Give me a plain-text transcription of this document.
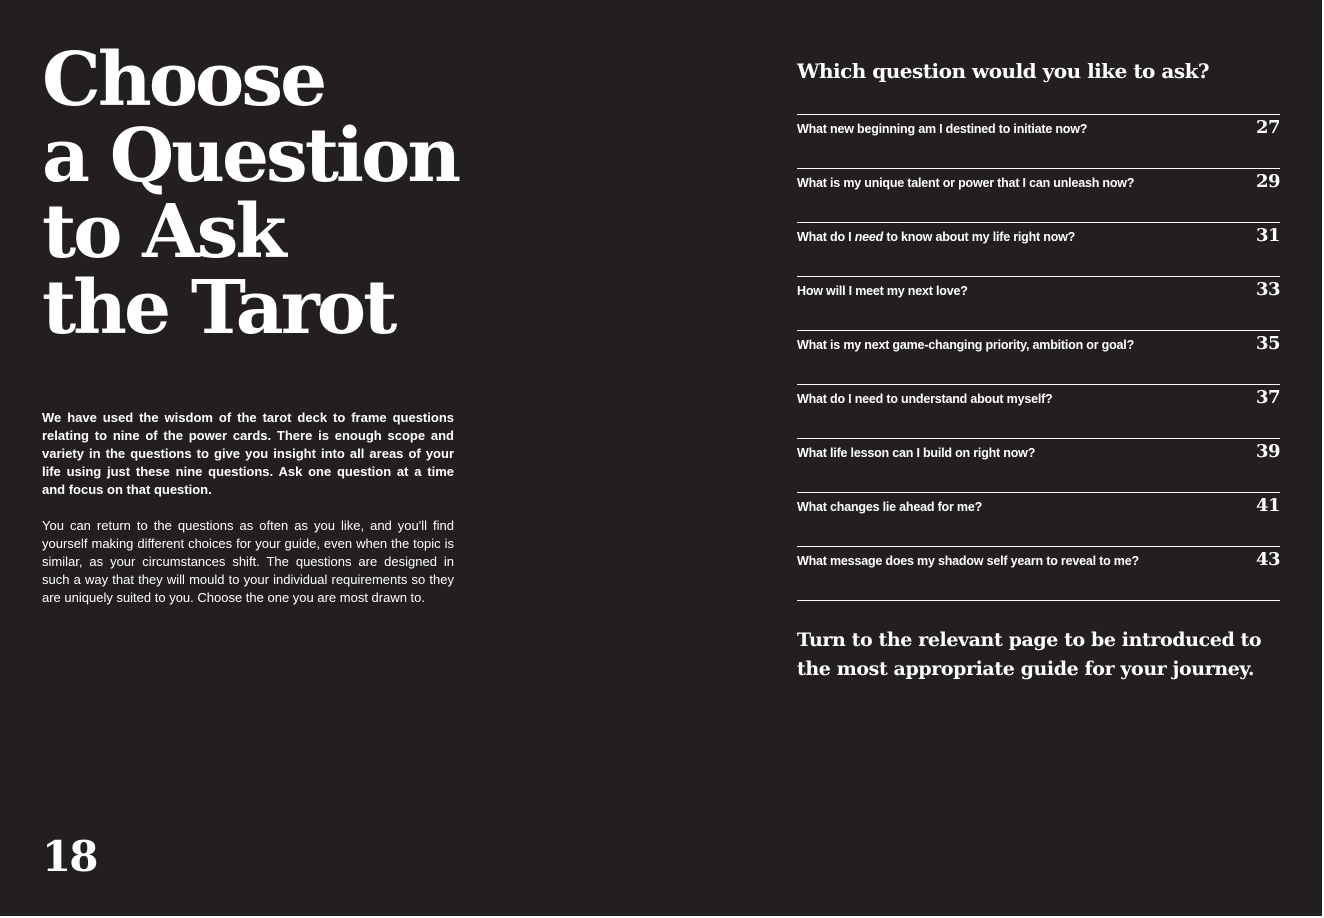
Choose
a Question
to Ask
the Tarot

We have used the wisdom of the tarot deck to frame questions relating to nine of the power cards. There is enough scope and variety in the questions to give you insight into all areas of your life using just these nine questions. Ask one question at a time and focus on that question.

You can return to the questions as often as you like, and you'll find yourself making different choices for your guide, even when the topic is similar, as your circumstances shift. The questions are designed in such a way that they will mould to your individual requirements so they are uniquely suited to you. Choose the one you are most drawn to.

18
Which question would you like to ask?
What new beginning am I destined to initiate now?	27
What is my unique talent or power that I can unleash now?	29
What do I need to know about my life right now?	31
How will I meet my next love?	33
What is my next game-changing priority, ambition or goal?	35
What do I need to understand about myself?	37
What life lesson can I build on right now?	39
What changes lie ahead for me?	41
What message does my shadow self yearn to reveal to me?	43

Turn to the relevant page to be introduced to the most appropriate guide for your journey.
